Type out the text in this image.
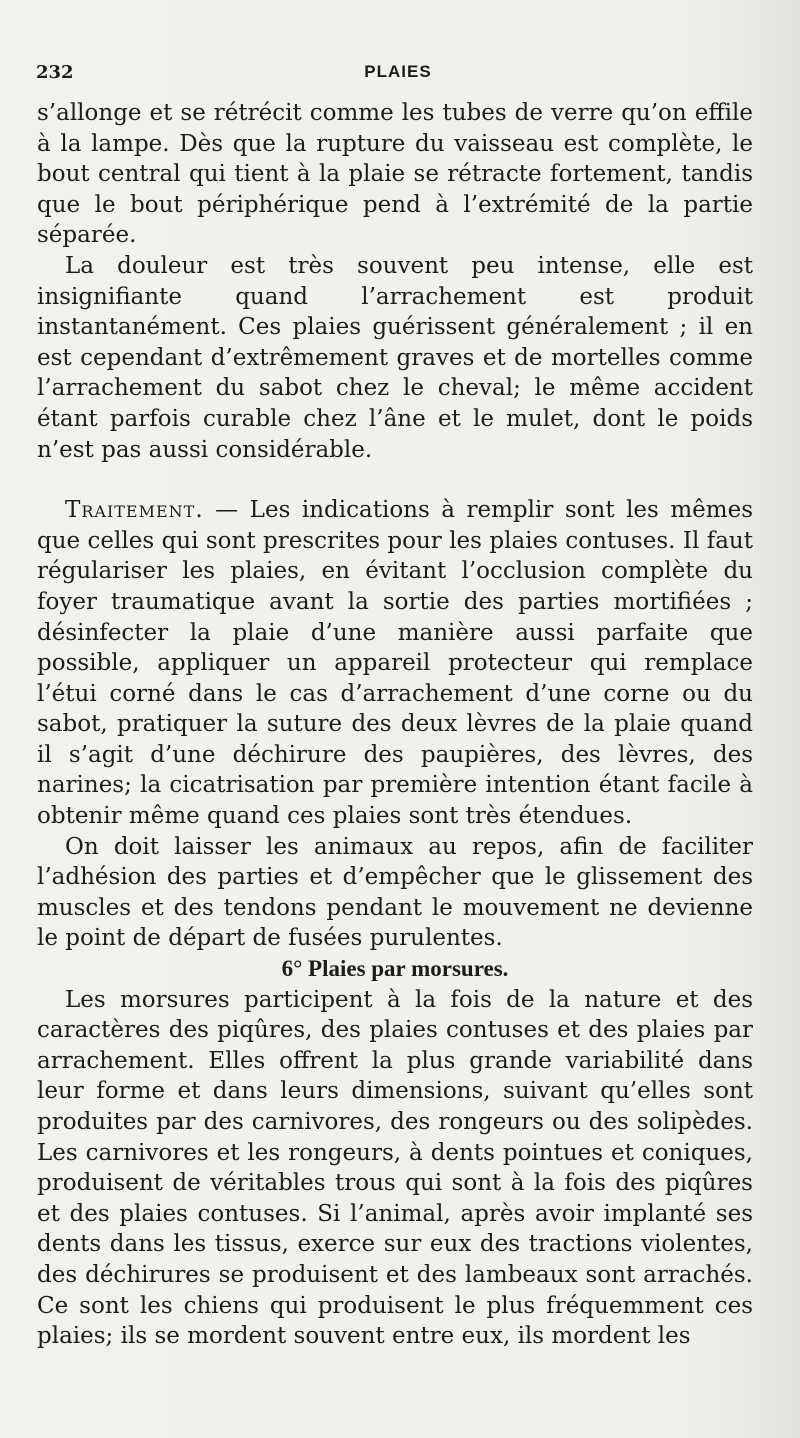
232	PLAIES

s’allonge et se rétrécit comme les tubes de verre qu’on effile à la lampe. Dès que la rupture du vaisseau est complète, le bout central qui tient à la plaie se rétracte fortement, tandis que le bout périphérique pend à l’extrémité de la partie séparée.

La douleur est très souvent peu intense, elle est insignifiante quand l’arrachement est produit instantanément. Ces plaies guérissent généralement ; il en est cependant d’extrêmement graves et de mortelles comme l’arrachement du sabot chez le cheval; le même accident étant parfois curable chez l’âne et le mulet, dont le poids n’est pas aussi considérable.

Traitement. — Les indications à remplir sont les mêmes que celles qui sont prescrites pour les plaies contuses. Il faut régulariser les plaies, en évitant l’occlusion complète du foyer traumatique avant la sortie des parties mortifiées ; désinfecter la plaie d’une manière aussi parfaite que possible, appliquer un appareil protecteur qui remplace l’étui corné dans le cas d’arrachement d’une corne ou du sabot, pratiquer la suture des deux lèvres de la plaie quand il s’agit d’une déchirure des paupières, des lèvres, des narines; la cicatrisation par première intention étant facile à obtenir même quand ces plaies sont très étendues.

On doit laisser les animaux au repos, afin de faciliter l’adhésion des parties et d’empêcher que le glissement des muscles et des tendons pendant le mouvement ne devienne le point de départ de fusées purulentes.

6° Plaies par morsures.

Les morsures participent à la fois de la nature et des caractères des piqûres, des plaies contuses et des plaies par arrachement. Elles offrent la plus grande variabilité dans leur forme et dans leurs dimensions, suivant qu’elles sont produites par des carnivores, des rongeurs ou des solipèdes. Les carnivores et les rongeurs, à dents pointues et coniques, produisent de véritables trous qui sont à la fois des piqûres et des plaies contuses. Si l’animal, après avoir implanté ses dents dans les tissus, exerce sur eux des tractions violentes, des déchirures se produisent et des lambeaux sont arrachés. Ce sont les chiens qui produisent le plus fréquemment ces plaies; ils se mordent souvent entre eux, ils mordent les
